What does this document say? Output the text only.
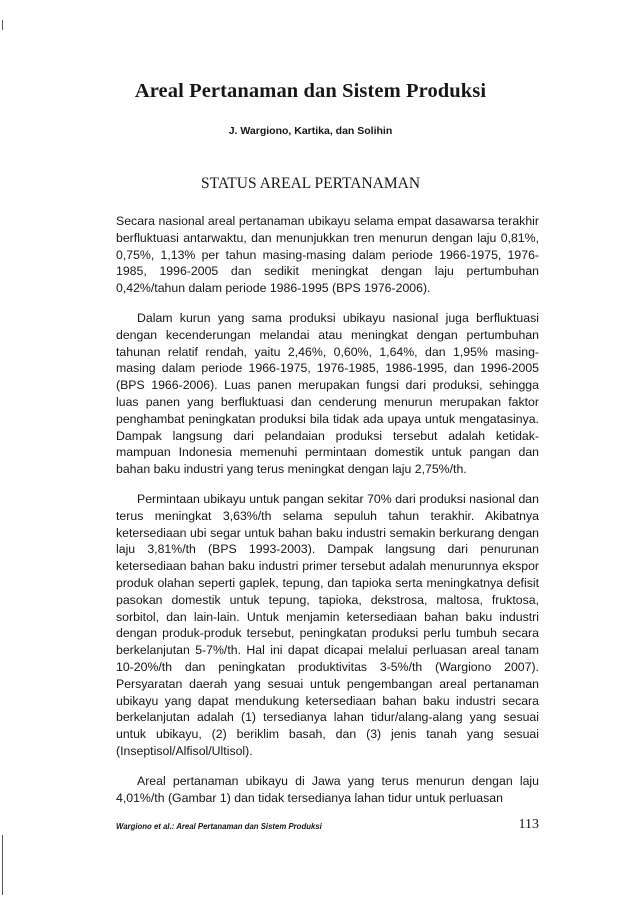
Areal Pertanaman dan Sistem Produksi
J. Wargiono, Kartika, dan Solihin
STATUS AREAL PERTANAMAN

Secara nasional areal pertanaman ubikayu selama empat dasawarsa terakhir berfluktuasi antarwaktu, dan menunjukkan tren menurun dengan laju 0,81%, 0,75%, 1,13% per tahun masing-masing dalam periode 1966-1975, 1976-1985, 1996-2005 dan sedikit meningkat dengan laju pertumbuhan 0,42%/tahun dalam periode 1986-1995 (BPS 1976-2006).

Dalam kurun yang sama produksi ubikayu nasional juga berfluktuasi dengan kecenderungan melandai atau meningkat dengan pertumbuhan tahunan relatif rendah, yaitu 2,46%, 0,60%, 1,64%, dan 1,95% masing-masing dalam periode 1966-1975, 1976-1985, 1986-1995, dan 1996-2005 (BPS 1966-2006). Luas panen merupakan fungsi dari produksi, sehingga luas panen yang berfluktuasi dan cenderung menurun merupakan faktor penghambat peningkatan produksi bila tidak ada upaya untuk mengatasinya. Dampak langsung dari pelandaian produksi tersebut adalah ketidak-mampuan Indonesia memenuhi permintaan domestik untuk pangan dan bahan baku industri yang terus meningkat dengan laju 2,75%/th.

Permintaan ubikayu untuk pangan sekitar 70% dari produksi nasional dan terus meningkat 3,63%/th selama sepuluh tahun terakhir. Akibatnya ketersediaan ubi segar untuk bahan baku industri semakin berkurang dengan laju 3,81%/th (BPS 1993-2003). Dampak langsung dari penurunan ketersediaan bahan baku industri primer tersebut adalah menurunnya ekspor produk olahan seperti gaplek, tepung, dan tapioka serta meningkatnya defisit pasokan domestik untuk tepung, tapioka, dekstrosa, maltosa, fruktosa, sorbitol, dan lain-lain. Untuk menjamin ketersediaan bahan baku industri dengan produk-produk tersebut, peningkatan produksi perlu tumbuh secara berkelanjutan 5-7%/th. Hal ini dapat dicapai melalui perluasan areal tanam 10-20%/th dan peningkatan produktivitas 3-5%/th (Wargiono 2007). Persyaratan daerah yang sesuai untuk pengembangan areal pertanaman ubikayu yang dapat mendukung ketersediaan bahan baku industri secara berkelanjutan adalah (1) tersedianya lahan tidur/alang-alang yang sesuai untuk ubikayu, (2) beriklim basah, dan (3) jenis tanah yang sesuai (Inseptisol/Alfisol/Ultisol).

Areal pertanaman ubikayu di Jawa yang terus menurun dengan laju 4,01%/th (Gambar 1) dan tidak tersedianya lahan tidur untuk perluasan

Wargiono et al.: Areal Pertanaman dan Sistem Produksi	113
